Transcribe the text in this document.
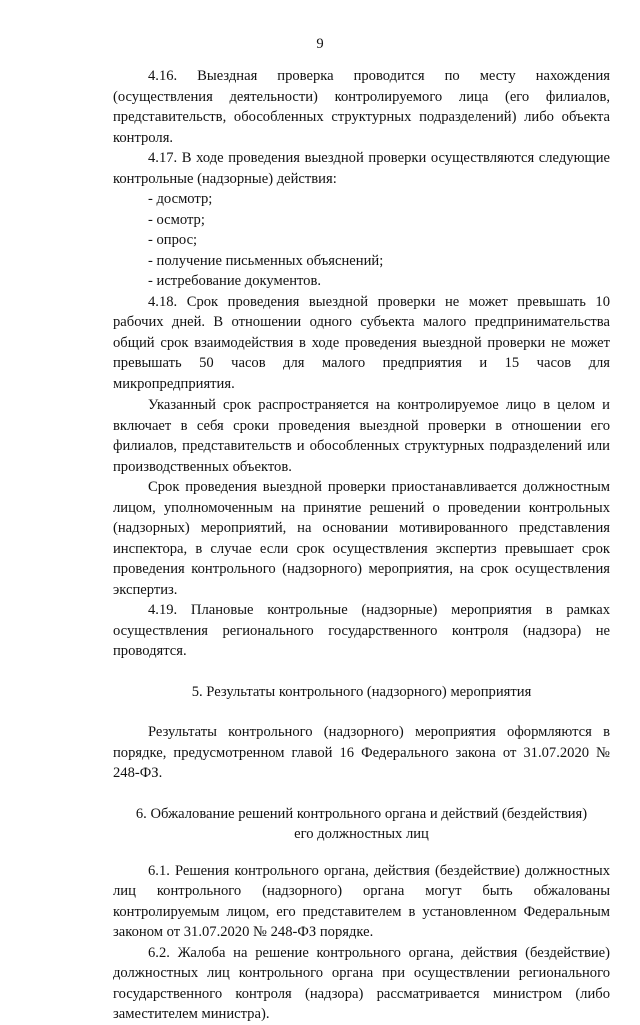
9

4.16. Выездная проверка проводится по месту нахождения (осуществления деятельности) контролируемого лица (его филиалов, представительств, обособленных структурных подразделений) либо объекта контроля.

4.17. В ходе проведения выездной проверки осуществляются следующие контрольные (надзорные) действия:

- досмотр;

- осмотр;

- опрос;

- получение письменных объяснений;

- истребование документов.

4.18. Срок проведения выездной проверки не может превышать 10 рабочих дней. В отношении одного субъекта малого предпринимательства общий срок взаимодействия в ходе проведения выездной проверки не может превышать 50 часов для малого предприятия и 15 часов для микропредприятия.

Указанный срок распространяется на контролируемое лицо в целом и включает в себя сроки проведения выездной проверки в отношении его филиалов, представительств и обособленных структурных подразделений или производственных объектов.

Срок проведения выездной проверки приостанавливается должностным лицом, уполномоченным на принятие решений о проведении контрольных (надзорных) мероприятий, на основании мотивированного представления инспектора, в случае если срок осуществления экспертиз превышает срок проведения контрольного (надзорного) мероприятия, на срок осуществления экспертиз.

4.19. Плановые контрольные (надзорные) мероприятия в рамках осуществления регионального государственного контроля (надзора) не проводятся.

5. Результаты контрольного (надзорного) мероприятия

Результаты контрольного (надзорного) мероприятия оформляются в порядке, предусмотренном главой 16 Федерального закона от 31.07.2020 № 248-ФЗ.

6. Обжалование решений контрольного органа и действий (бездействия)

его должностных лиц

6.1. Решения контрольного органа, действия (бездействие) должностных лиц контрольного (надзорного) органа могут быть обжалованы контролируемым лицом, его представителем в установленном Федеральным законом от 31.07.2020 № 248-ФЗ порядке.

6.2. Жалоба на решение контрольного органа, действия (бездействие) должностных лиц контрольного органа при осуществлении регионального государственного контроля (надзора) рассматривается министром (либо заместителем министра).
